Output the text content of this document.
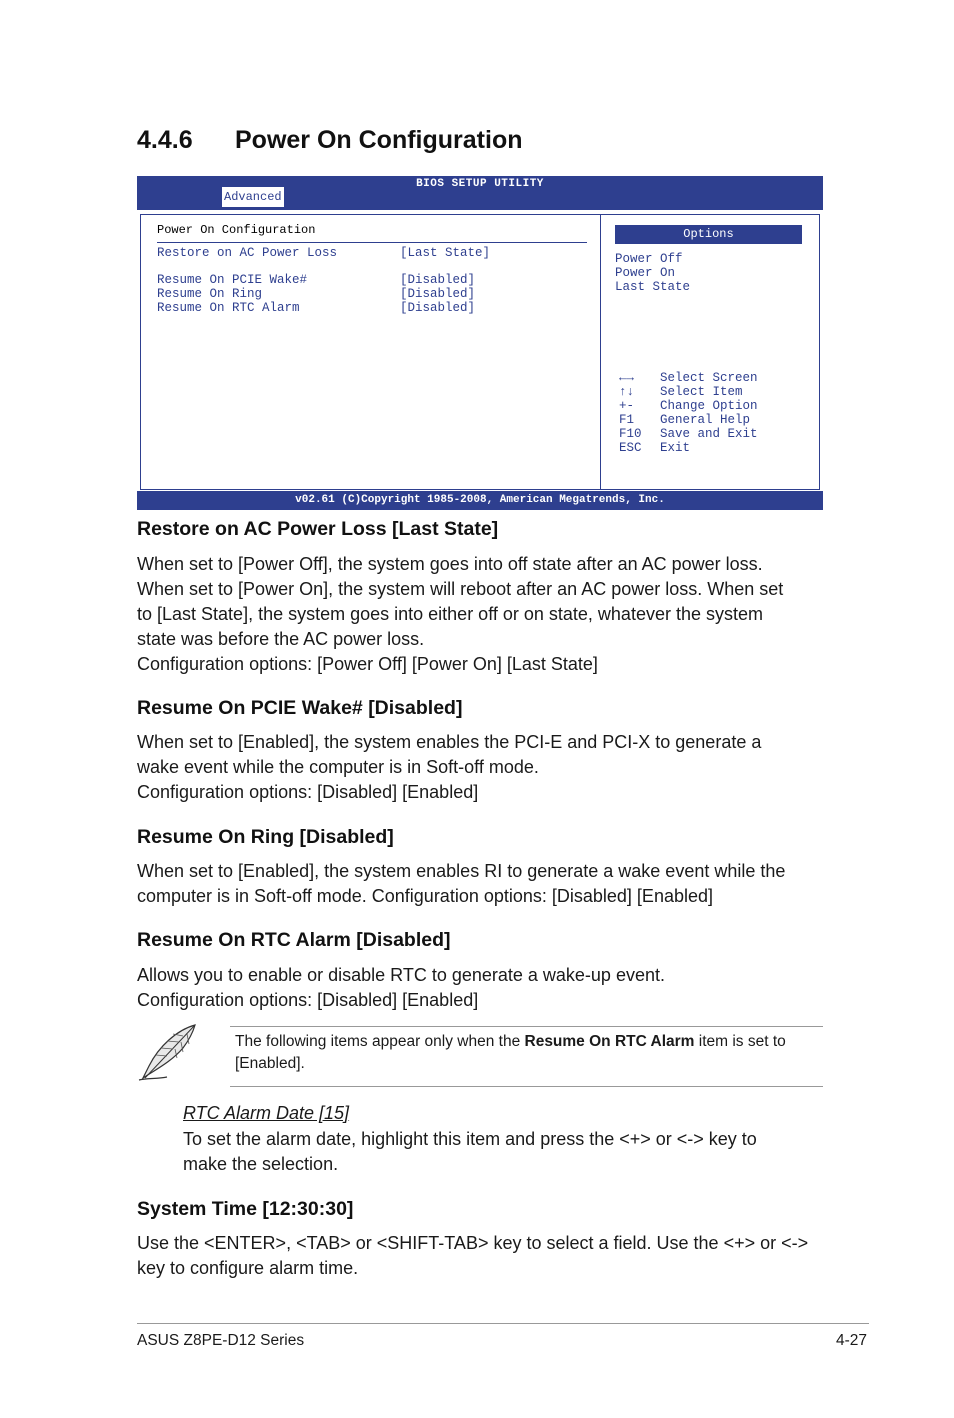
4.4.6 Power On Configuration
BIOS SETUP UTILITY
Advanced
Power On Configuration
Restore on AC Power Loss	[Last State]
Resume On PCIE Wake#	[Disabled]
Resume On Ring	[Disabled]
Resume On RTC Alarm	[Disabled]
Options
Power Off
Power On
Last State
←→ Select Screen
↑↓ Select Item
+- Change Option
F1 General Help
F10 Save and Exit
ESC Exit
v02.61 (C)Copyright 1985-2008, American Megatrends, Inc.
Restore on AC Power Loss [Last State]

When set to [Power Off], the system goes into off state after an AC power loss.
When set to [Power On], the system will reboot after an AC power loss. When set
to [Last State], the system goes into either off or on state, whatever the system
state was before the AC power loss.
Configuration options: [Power Off] [Power On] [Last State]

Resume On PCIE Wake# [Disabled]

When set to [Enabled], the system enables the PCI-E and PCI-X to generate a
wake event while the computer is in Soft-off mode.
Configuration options: [Disabled] [Enabled]

Resume On Ring [Disabled]

When set to [Enabled], the system enables RI to generate a wake event while the
computer is in Soft-off mode. Configuration options: [Disabled] [Enabled]

Resume On RTC Alarm [Disabled]

Allows you to enable or disable RTC to generate a wake-up event.
Configuration options: [Disabled] [Enabled]

The following items appear only when the Resume On RTC Alarm item is set to [Enabled].
RTC Alarm Date [15]
To set the alarm date, highlight this item and press the <+> or <-> key to
make the selection.
System Time [12:30:30]

Use the <ENTER>, <TAB> or <SHIFT-TAB> key to select a field. Use the <+> or <->
key to configure alarm time.

ASUS Z8PE-D12 Series	4-27
